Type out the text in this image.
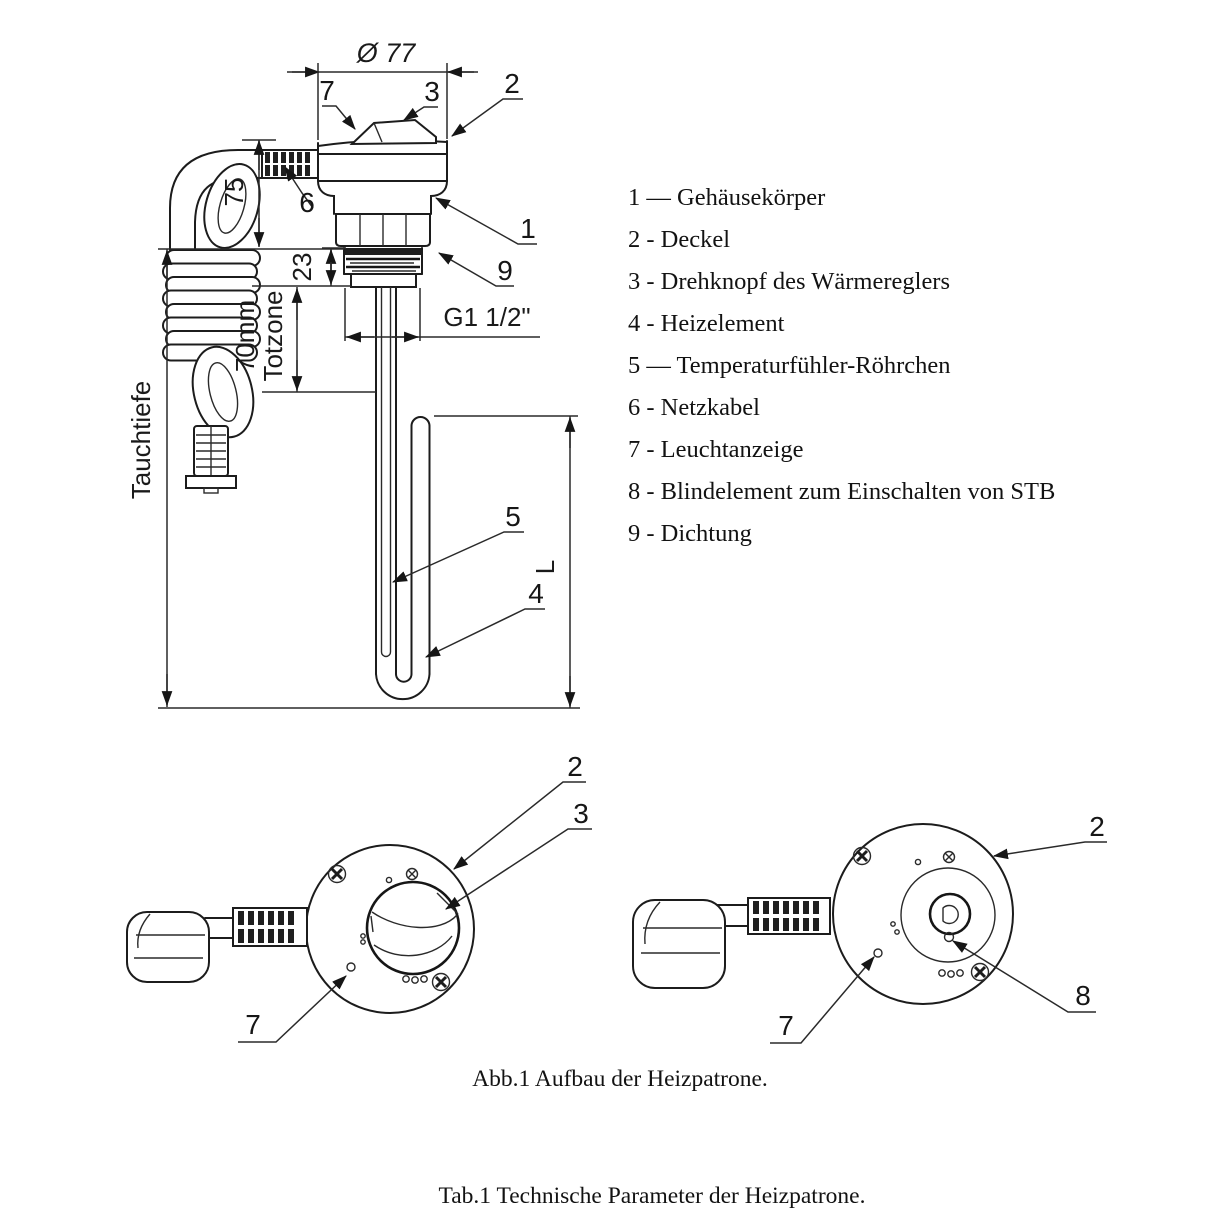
Ø 77
75
Tauchtiefe
23
70mm
Totzone	G1 1/2"
L
7	3 2
6
1
9
5
4
1 — Gehäusekörper
2 - Deckel
3 - Drehknopf des Wärmereglers
4 - Heizelement
5 — Temperaturfühler-Röhrchen
6 - Netzkabel
7 - Leuchtanzeige
8 - Blindelement zum Einschalten von STB
9 - Dichtung
2
3
7
2
7
8
Abb.1 Aufbau der Heizpatrone.
Tab.1 Technische Parameter der Heizpatrone.
